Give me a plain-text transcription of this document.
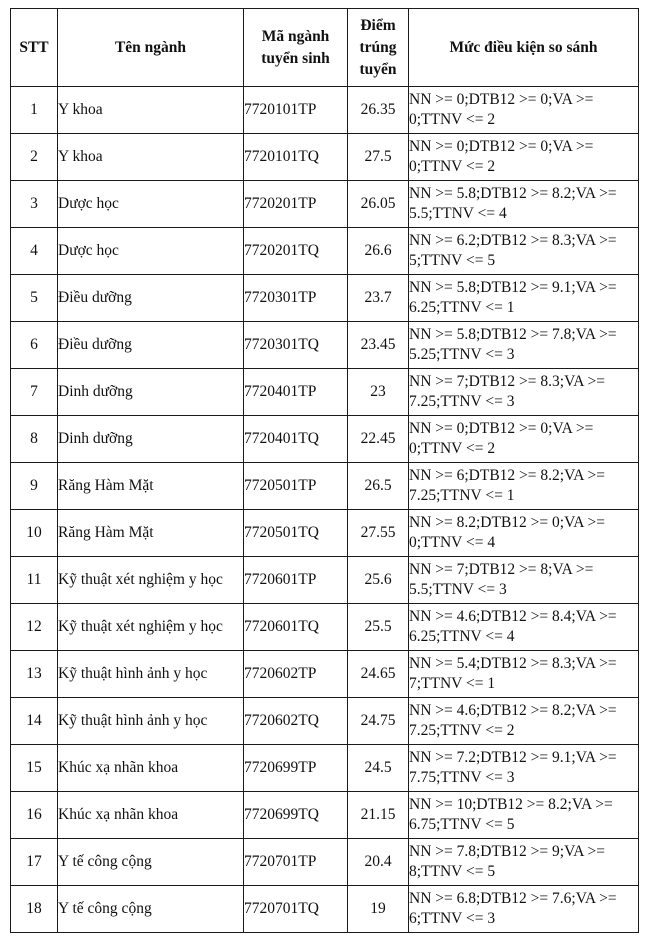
STT	Tên ngành	Mã ngành tuyển sinh	Điểm trúng tuyển	Mức điều kiện so sánh
1	Y khoa	7720101TP	26.35	NN >= 0;DTB12 >= 0;VA >= 0;TTNV <= 2
2	Y khoa	7720101TQ	27.5	NN >= 0;DTB12 >= 0;VA >= 0;TTNV <= 2
3	Dược học	7720201TP	26.05	NN >= 5.8;DTB12 >= 8.2;VA >= 5.5;TTNV <= 4
4	Dược học	7720201TQ	26.6	NN >= 6.2;DTB12 >= 8.3;VA >= 5;TTNV <= 5
5	Điều dưỡng	7720301TP	23.7	NN >= 5.8;DTB12 >= 9.1;VA >= 6.25;TTNV <= 1
6	Điều dưỡng	7720301TQ	23.45	NN >= 5.8;DTB12 >= 7.8;VA >= 5.25;TTNV <= 3
7	Dinh dưỡng	7720401TP	23	NN >= 7;DTB12 >= 8.3;VA >= 7.25;TTNV <= 3
8	Dinh dưỡng	7720401TQ	22.45	NN >= 0;DTB12 >= 0;VA >= 0;TTNV <= 2
9	Răng Hàm Mặt	7720501TP	26.5	NN >= 6;DTB12 >= 8.2;VA >= 7.25;TTNV <= 1
10	Răng Hàm Mặt	7720501TQ	27.55	NN >= 8.2;DTB12 >= 0;VA >= 0;TTNV <= 4
11	Kỹ thuật xét nghiệm y học	7720601TP	25.6	NN >= 7;DTB12 >= 8;VA >= 5.5;TTNV <= 3
12	Kỹ thuật xét nghiệm y học	7720601TQ	25.5	NN >= 4.6;DTB12 >= 8.4;VA >= 6.25;TTNV <= 4
13	Kỹ thuật hình ảnh y học	7720602TP	24.65	NN >= 5.4;DTB12 >= 8.3;VA >= 7;TTNV <= 1
14	Kỹ thuật hình ảnh y học	7720602TQ	24.75	NN >= 4.6;DTB12 >= 8.2;VA >= 7.25;TTNV <= 2
15	Khúc xạ nhãn khoa	7720699TP	24.5	NN >= 7.2;DTB12 >= 9.1;VA >= 7.75;TTNV <= 3
16	Khúc xạ nhãn khoa	7720699TQ	21.15	NN >= 10;DTB12 >= 8.2;VA >= 6.75;TTNV <= 5
17	Y tế công cộng	7720701TP	20.4	NN >= 7.8;DTB12 >= 9;VA >= 8;TTNV <= 5
18	Y tế công cộng	7720701TQ	19	NN >= 6.8;DTB12 >= 7.6;VA >= 6;TTNV <= 3
